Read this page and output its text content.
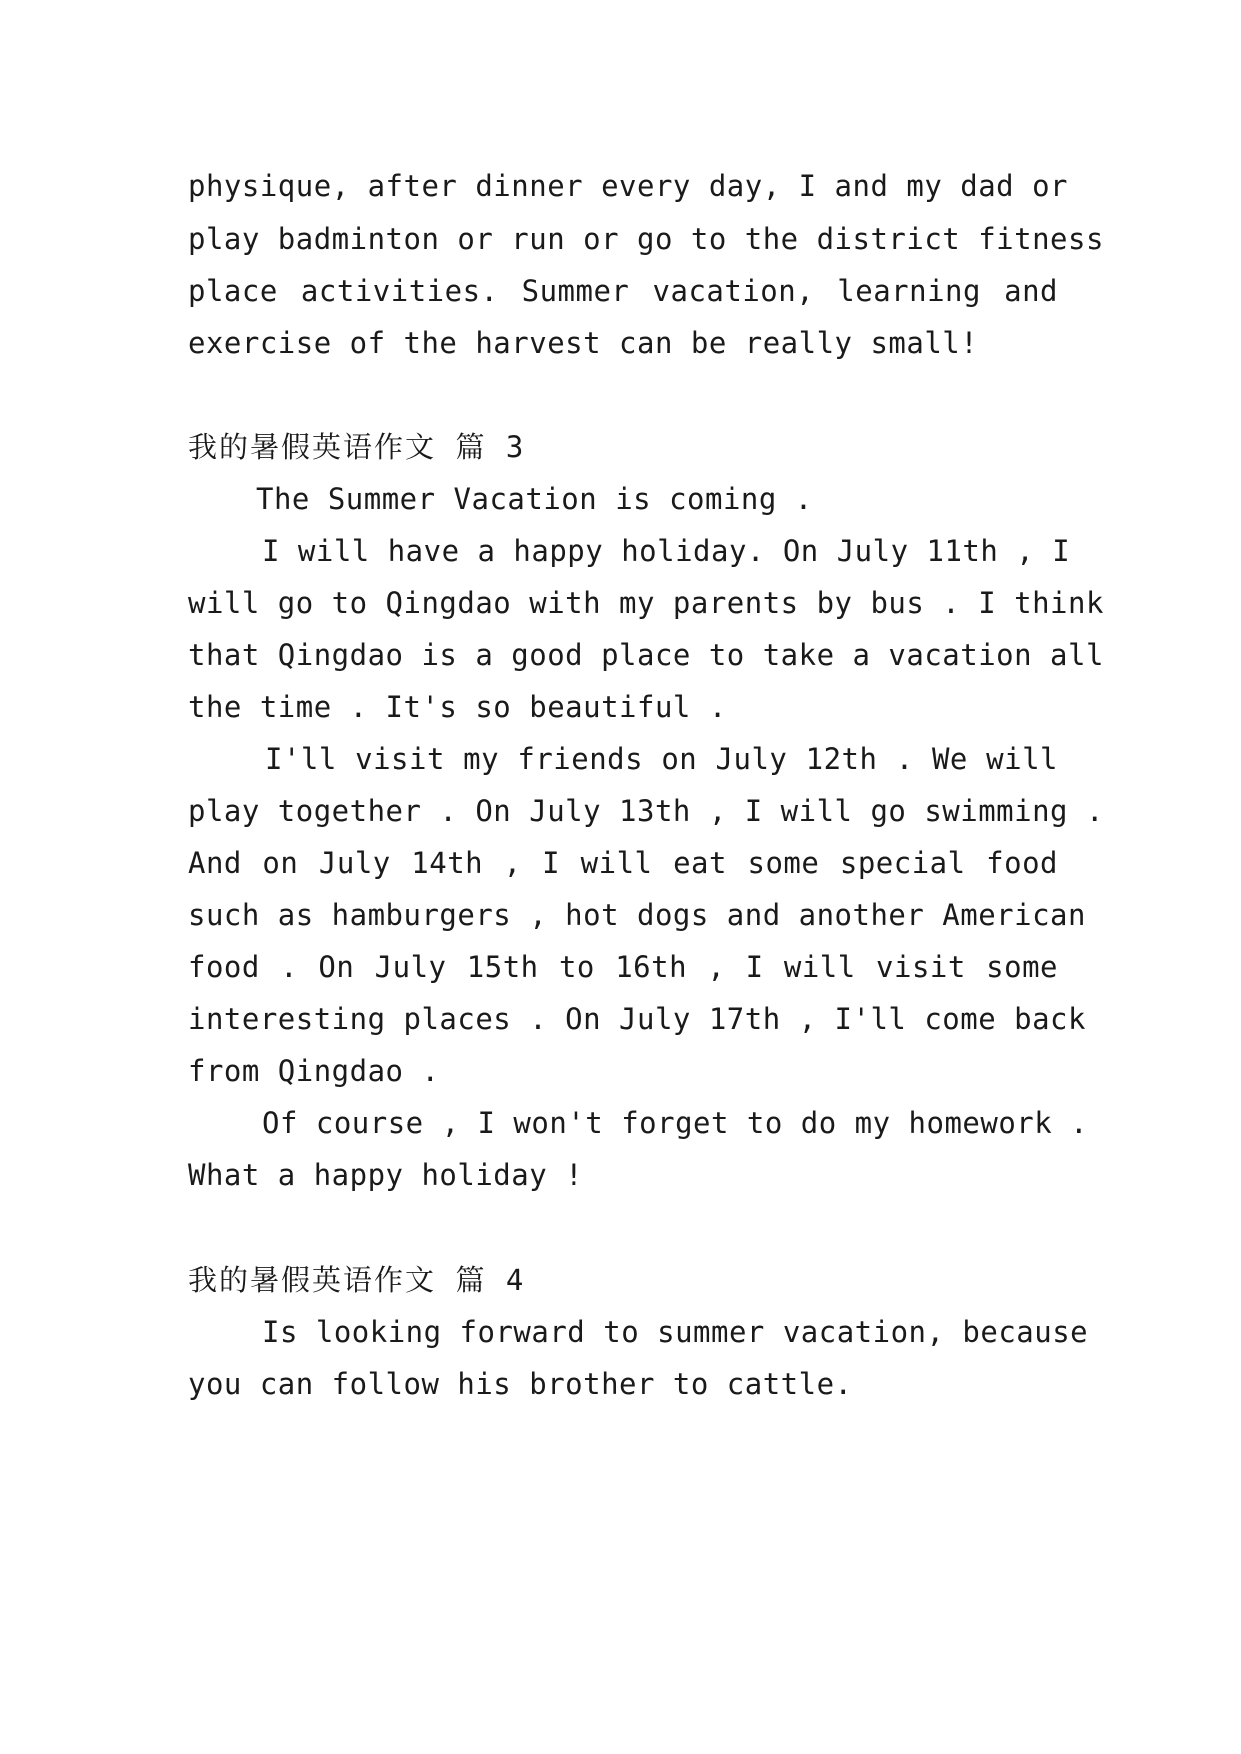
physique, after dinner every day, I and my dad or
play badminton or run or go to the district fitness
place activities. Summer vacation, learning and
exercise of the harvest can be really small!
我的暑假英语作文 篇 3
The Summer Vacation is coming .
I will have a happy holiday. On July 11th , I
will go to Qingdao with my parents by bus . I think
that Qingdao is a good place to take a vacation all
the time . It's so beautiful .
I'll visit my friends on July 12th . We will
play together . On July 13th , I will go swimming .
And on July 14th , I will eat some special food
such as hamburgers , hot dogs and another American
food . On July 15th to 16th , I will visit some
interesting places . On July 17th , I'll come back
from Qingdao .
Of course , I won't forget to do my homework .
What a happy holiday !
我的暑假英语作文 篇 4
Is looking forward to summer vacation, because
you can follow his brother to cattle.
